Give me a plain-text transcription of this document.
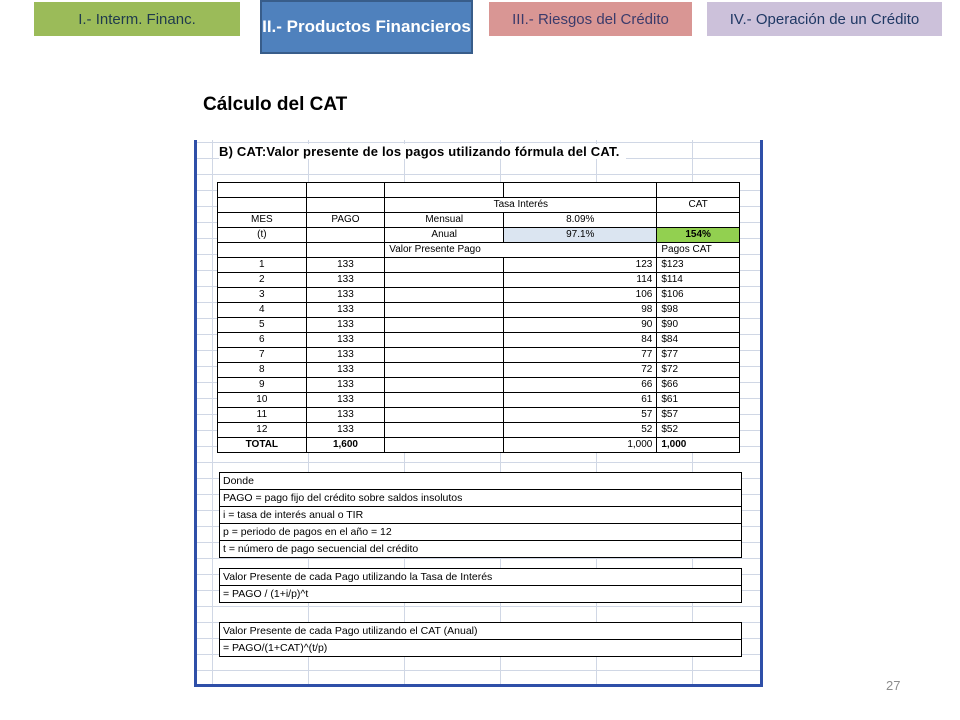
I.- Interm. Financ.	II.- Productos Financieros	III.- Riesgos del Crédito	IV.- Operación de un Crédito
Cálculo del CAT
B) CAT:Valor presente de los pagos utilizando fórmula del CAT.

		Tasa Interés		CAT
MES	PAGO	Mensual	8.09%	
(t)		Anual	97.1%	154%
		Valor Presente Pago		Pagos CAT
1	133		123	$123
2	133		114	$114
3	133		106	$106
4	133		98	$98
5	133		90	$90
6	133		84	$84
7	133		77	$77
8	133		72	$72
9	133		66	$66
10	133		61	$61
11	133		57	$57
12	133		52	$52
TOTAL	1,600		1,000	1,000
Donde
PAGO = pago fijo del crédito sobre saldos insolutos
i = tasa de interés anual o TIR
p = periodo de pagos en el año = 12
t = número de pago secuencial del crédito
Valor Presente de cada Pago utilizando la Tasa de Interés
= PAGO / (1+i/p)^t
Valor Presente de cada Pago utilizando el CAT (Anual)
= PAGO/(1+CAT)^(t/p)
27
